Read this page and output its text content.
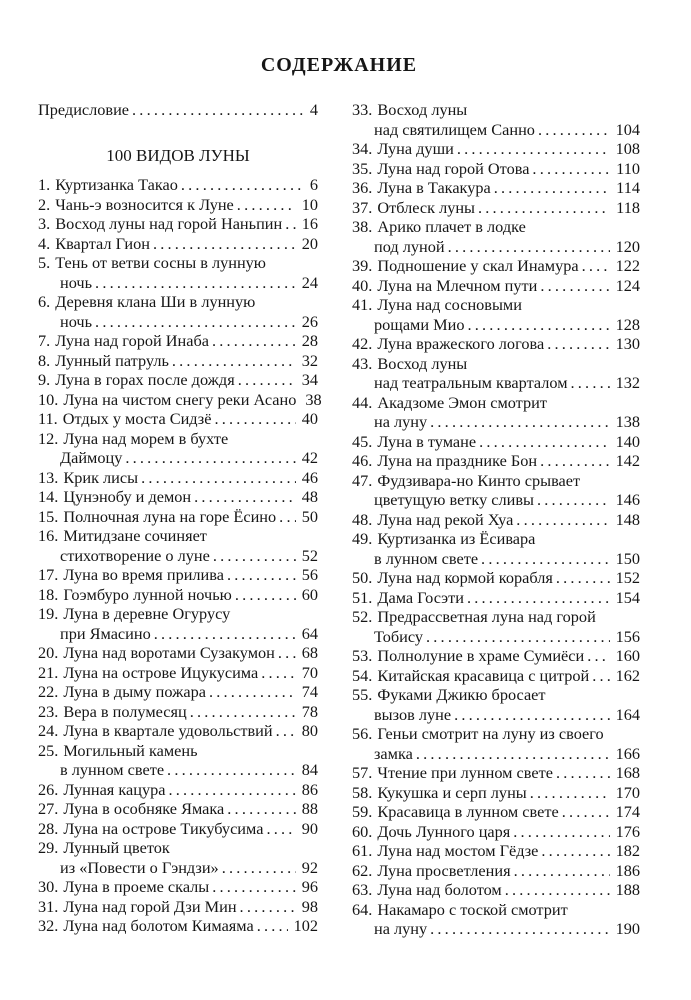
СОДЕРЖАНИЕ
Предисловие .....	4
100 ВИДОВ ЛУНЫ
1. Куртизанка Такао .....	6
2. Чань-э возносится к Луне .....	10
3. Восход луны над горой Наньпин ..... 16
4. Квартал Гион .....	20
5. Тень от ветви сосны в лунную
ночь .....	24
6. Деревня клана Ши в лунную
ночь .....	26
7. Луна над горой Инаба .....	28
8. Лунный патруль .....	32
9. Луна в горах после дождя .....	34
10. Луна на чистом снегу реки Асано ..... 38
11. Отдых у моста Сидзё .....	40
12. Луна над морем в бухте
Даймоцу .....	42
13. Крик лисы .....	46
14. Цунэнобу и демон .....	48
15. Полночная луна на горе Ёсино ..... 50
16. Митидзане сочиняет
стихотворение о луне .....	52
17. Луна во время прилива .....	56
18. Гоэмбуро лунной ночью .....	60
19. Луна в деревне Огурусу
при Ямасино .....	64
20. Луна над воротами Сузакумон ..... 68
21. Луна на острове Ицукусима .....	70
22. Луна в дыму пожара .....	74
23. Вера в полумесяц .....	78
24. Луна в квартале удовольствий ..... 80
25. Могильный камень
в лунном свете .....	84
26. Лунная кацура .....	86
27. Луна в особняке Ямака .....	88
28. Луна на острове Тикубусима ..... 90
29. Лунный цветок
из «Повести о Гэндзи» .....	92
30. Луна в проеме скалы .....	96
31. Луна над горой Дзи Мин .....	98
32. Луна над болотом Кимаяма ..... 102
33. Восход луны
над святилищем Санно .....	104
34. Луна души .....	108
35. Луна над горой Отова .....	110
36. Луна в Такакура .....	114
37. Отблеск луны .....	118
38. Арико плачет в лодке
под луной .....	120
39. Подношение у скал Инамура ..... 122
40. Луна на Млечном пути .....	124
41. Луна над сосновыми
рощами Мио .....	128
42. Луна вражеского логова .....	130
43. Восход луны
над театральным кварталом .....	132
44. Акадзоме Эмон смотрит
на луну .....	138
45. Луна в тумане .....	140
46. Луна на празднике Бон .....	142
47. Фудзивара-но Кинто срывает
цветущую ветку сливы .....	146
48. Луна над рекой Хуа .....	148
49. Куртизанка из Ёсивара
в лунном свете .....	150
50. Луна над кормой корабля .....	152
51. Дама Госэти .....	154
52. Предрассветная луна над горой
Тобису .....	156
53. Полнолуние в храме Сумиёси ..... 160
54. Китайская красавица с цитрой ..... 162
55. Фуками Джикю бросает
вызов луне .....	164
56. Геньи смотрит на луну из своего
замка .....	166
57. Чтение при лунном свете .....	168
58. Кукушка и серп луны .....	170
59. Красавица в лунном свете .....	174
60. Дочь Лунного царя .....	176
61. Луна над мостом Гёдзе .....	182
62. Луна просветления .....	186
63. Луна над болотом .....	188
64. Накамаро с тоской смотрит
на луну .....	190
